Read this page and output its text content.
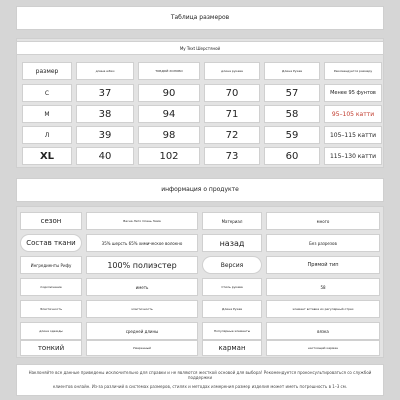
Таблица размеров
My Text Шерстяной
размер	длина юбки	ТОБДОЙ ХОЛОБО	длина рукава	Длина Рукав	Рекомендуется размеру
С	37	90	70	57	Менее 95 фунтов
М	38	94	71	58	95–105 катти
Л	39	98	72	59	105–115 катти
XL	40	102	73	60	115–130 катти
информация о продукте
сезон	Весна Лето Осень Зима	Материал	много
Состав ткани	35% шерсть 65% химическое волокно	назад	Без разрезов
Ингредиенты Рифу	100% полиэстер	Версия	Прямой тип
подключение	иметь	Стиль рукава	58
Эластичность	эластичность	Длина Рукав	элемент вставка из регулярный отрез
длина одежды	средней длины	Популярные элементы	вязка
тонкий	Умеренный	карман	настоящий карман
Наклоняйте все данные приведены исключительно для справки и не являются жесткой основой для выбора! Рекомендуется проконсультироваться со службой поддержки
клиентов онлайн. Из-за различий в системах размеров, стилях и методах измерения размер изделия может иметь погрешность в 1–3 см.
